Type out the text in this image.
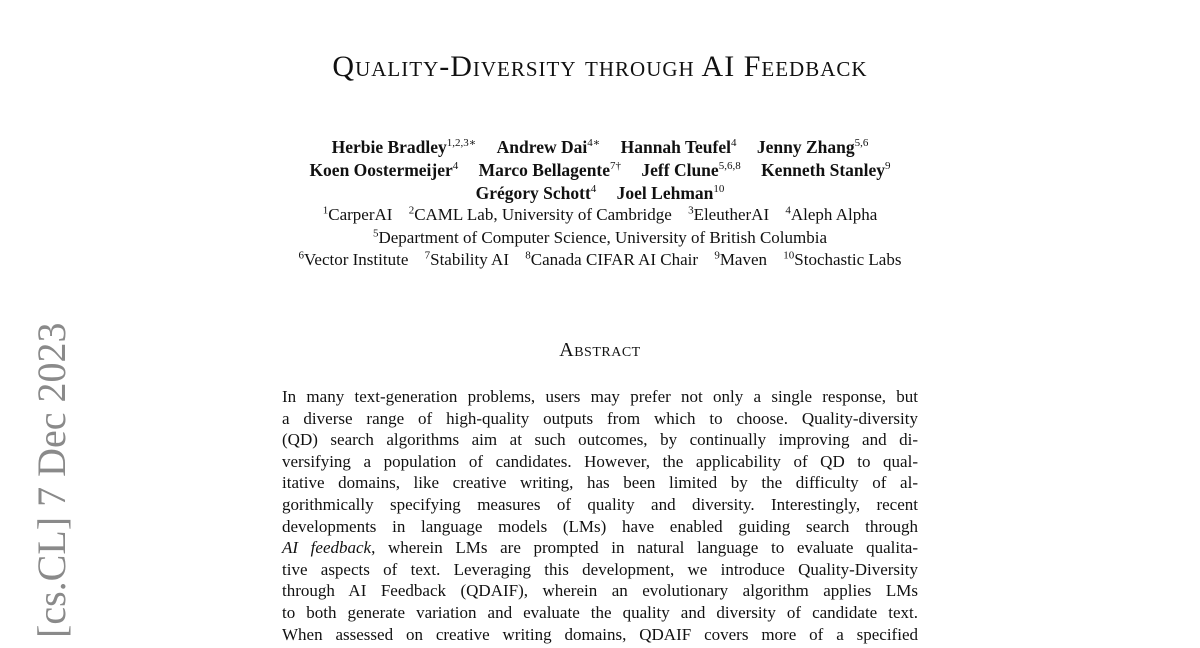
Quality-Diversity through AI Feedback
Herbie Bradley$^{1,2,3∗}$ Andrew Dai$^{4∗}$ Hannah Teufel$^4$ Jenny Zhang$^{5,6}$
Koen Oostermeijer$^4$ Marco Bellagente$^{7\dagger}$ Jeff Clune$^{5,6,8}$ Kenneth Stanley$^9$
Grégory Schott$^4$ Joel Lehman$^{10}$
$^1$CarperAI $^2$CAML Lab, University of Cambridge $^3$EleutherAI $^4$Aleph Alpha
$^5$Department of Computer Science, University of British Columbia
$^6$Vector Institute $^7$Stability AI $^8$Canada CIFAR AI Chair $^9$Maven $^{10}$Stochastic Labs
Abstract
In many text-generation problems, users may prefer not only a single response, but
a diverse range of high-quality outputs from which to choose. Quality-diversity
(QD) search algorithms aim at such outcomes, by continually improving and di-
versifying a population of candidates. However, the applicability of QD to qual-
itative domains, like creative writing, has been limited by the difficulty of al-
gorithmically specifying measures of quality and diversity. Interestingly, recent
developments in language models (LMs) have enabled guiding search through
AI feedback, wherein LMs are prompted in natural language to evaluate qualita-
tive aspects of text. Leveraging this development, we introduce Quality-Diversity
through AI Feedback (QDAIF), wherein an evolutionary algorithm applies LMs
to both generate variation and evaluate the quality and diversity of candidate text.
When assessed on creative writing domains, QDAIF covers more of a specified
[cs.CL] 7 Dec 2023
